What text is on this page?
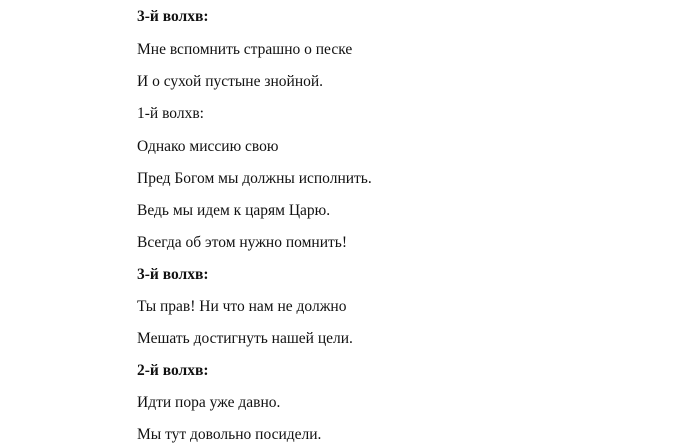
3-й волхв:
Мне вспомнить страшно о песке
И о сухой пустыне знойной.
1-й волхв:
Однако миссию свою
Пред Богом мы должны исполнить.
Ведь мы идем к царям Царю.
Всегда об этом нужно помнить!
3-й волхв:
Ты прав! Ни что нам не должно
Мешать достигнуть нашей цели.
2-й волхв:
Идти пора уже давно.
Мы тут довольно посидели.
